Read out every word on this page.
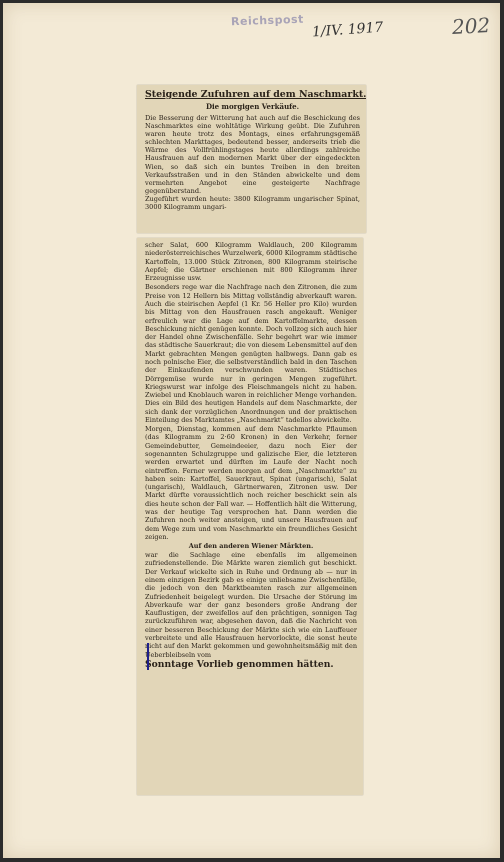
Reichspost 1/IV. 1917	202
Steigende Zufuhren auf dem Naschmarkt.
Die morgigen Verkäufe.

Die Besserung der Witterung hat auch auf die Beschickung des Naschmarktes eine wohltätige Wirkung geübt. Die Zufuhren waren heute trotz des Montags, eines erfahrungsgemäß schlechten Markttages, bedeutend besser, anderseits trieb die Wärme des Vollfrühlingstages heute allerdings zahlreiche Hausfrauen auf den modernen Markt über der eingedeckten Wien, so daß sich ein buntes Treiben in den breiten Verkaufsstraßen und in den Ständen abwickelte und dem vermehrten Angebot eine gesteigerte Nachfrage gegenüberstand.

Zugeführt wurden heute: 3800 Kilogramm ungarischer Spinat, 3000 Kilogramm ungari-

scher Salat, 600 Kilogramm Waldlauch, 200 Kilogramm niederösterreichisches Wurzelwerk, 6000 Kilogramm städtische Kartoffeln, 13.000 Stück Zitronen, 800 Kilogramm steirische Aepfel; die Gärtner erschienen mit 800 Kilogramm ihrer Erzeugnisse usw.

Besonders rege war die Nachfrage nach den Zitronen, die zum Preise von 12 Hellern bis Mittag vollständig abverkauft waren. Auch die steirischen Aepfel (1 Kr. 56 Heller pro Kilo) wurden bis Mittag von den Hausfrauen rasch angekauft. Weniger erfreulich war die Lage auf dem Kartoffelmarkte, dessen Beschickung nicht genügen konnte. Doch vollzog sich auch hier der Handel ohne Zwischenfälle. Sehr begehrt war wie immer das städtische Sauerkraut; die von diesem Lebensmittel auf den Markt gebrachten Mengen genügten halbwegs. Dann gab es noch polnische Eier, die selbstverständlich bald in den Taschen der Einkaufenden verschwunden waren. Städtisches Dörrgemüse wurde nur in geringen Mengen zugeführt. Kriegswurst war infolge des Fleischmangels nicht zu haben. Zwiebel und Knoblauch waren in reichlicher Menge vorhanden. Dies ein Bild des heutigen Handels auf dem Naschmarkte, der sich dank der vorzüglichen Anordnungen und der praktischen Einteilung des Marktamtes „Naschmarkt“ tadellos abwickelte.

Morgen, Dienstag, kommen auf dem Naschmarkte Pflaumen (das Kilogramm zu 2·60 Kronen) in den Verkehr, ferner Gemeindebutter, Gemeindeeier, dazu noch Eier der sogenannten Schulzgruppe und galizische Eier, die letzteren werden erwartet und dürften im Laufe der Nacht noch eintreffen. Ferner werden morgen auf dem „Naschmarkte“ zu haben sein: Kartoffel, Sauerkraut, Spinat (ungarisch), Salat (ungarisch), Waldlauch, Gärtnerwaren, Zitronen usw. Der Markt dürfte voraussichtlich noch reicher beschickt sein als dies heute schon der Fall war. — Hoffentlich hält die Witterung, was der heutige Tag versprochen hat. Dann werden die Zufuhren noch weiter ansteigen, und unsere Hausfrauen auf dem Wege zum und vom Naschmarkte ein freundliches Gesicht zeigen.

Auf den anderen Wiener Märkten.

war die Sachlage eine ebenfalls im allgemeinen zufriedenstellende. Die Märkte waren ziemlich gut beschickt. Der Verkauf wickelte sich in Ruhe und Ordnung ab — nur in einem einzigen Bezirk gab es einige unliebsame Zwischenfälle, die jedoch von den Marktbeamten rasch zur allgemeinen Zufriedenheit beigelegt wurden. Die Ursache der Störung im Abverkaufe war der ganz besonders große Andrang der Kauflustigen, der zweifellos auf den prächtigen, sonnigen Tag zurückzuführen war, abgesehen davon, daß die Nachricht von einer besseren Beschickung der Märkte sich wie ein Lauffeuer verbreitete und alle Hausfrauen hervorlockte, die sonst heute nicht auf den Markt gekommen und gewohnheitsmäßig mit den Ueberbleibseln vom

Sonntage Vorlieb genommen hätten.
